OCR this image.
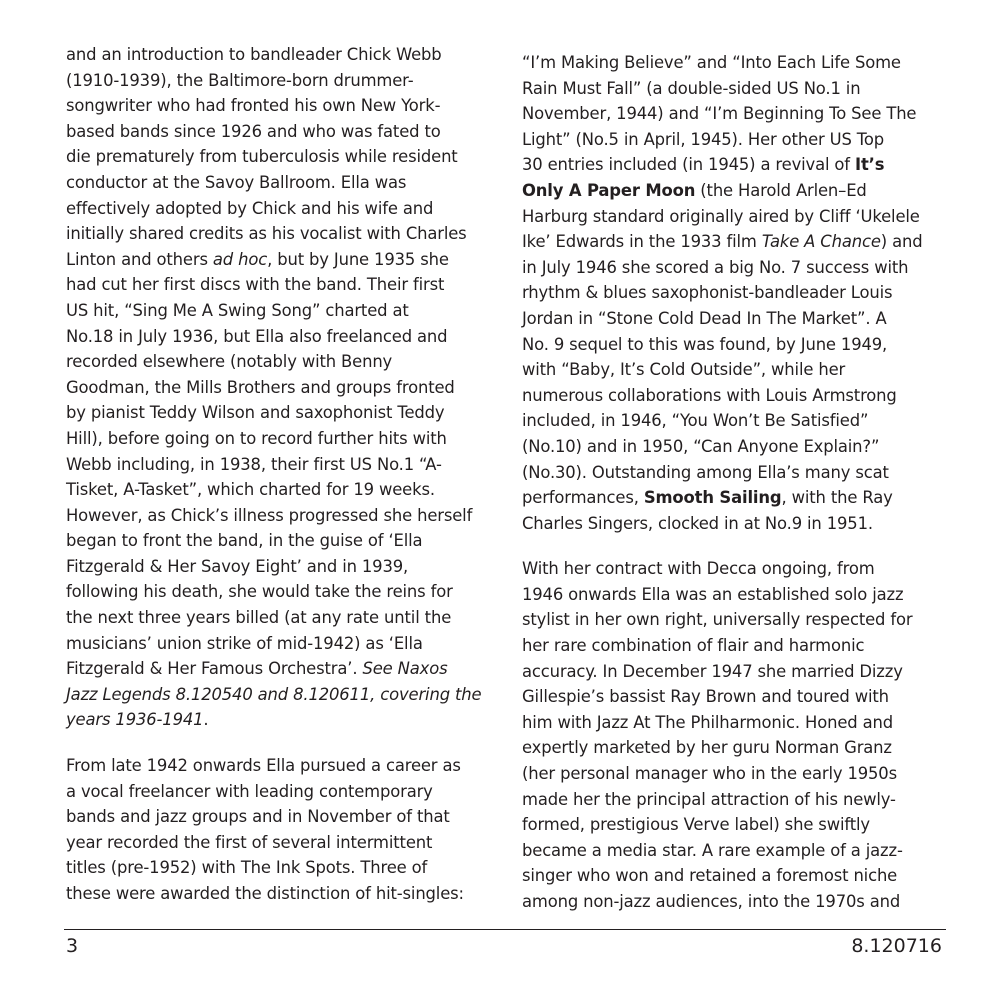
and an introduction to bandleader Chick Webb
(1910-1939), the Baltimore-born drummer-
songwriter who had fronted his own New York-
based bands since 1926 and who was fated to
die prematurely from tuberculosis while resident
conductor at the Savoy Ballroom. Ella was
effectively adopted by Chick and his wife and
initially shared credits as his vocalist with Charles
Linton and others ad hoc, but by June 1935 she
had cut her first discs with the band. Their first
US hit, “Sing Me A Swing Song” charted at
No.18 in July 1936, but Ella also freelanced and
recorded elsewhere (notably with Benny
Goodman, the Mills Brothers and groups fronted
by pianist Teddy Wilson and saxophonist Teddy
Hill), before going on to record further hits with
Webb including, in 1938, their first US No.1 “A-
Tisket, A-Tasket”, which charted for 19 weeks.
However, as Chick’s illness progressed she herself
began to front the band, in the guise of ‘Ella
Fitzgerald & Her Savoy Eight’ and in 1939,
following his death, she would take the reins for
the next three years billed (at any rate until the
musicians’ union strike of mid-1942) as ‘Ella
Fitzgerald & Her Famous Orchestra’. See Naxos
Jazz Legends 8.120540 and 8.120611, covering the
years 1936-1941.

From late 1942 onwards Ella pursued a career as
a vocal freelancer with leading contemporary
bands and jazz groups and in November of that
year recorded the first of several intermittent
titles (pre-1952) with The Ink Spots. Three of
these were awarded the distinction of hit-singles:

“I’m Making Believe” and “Into Each Life Some
Rain Must Fall” (a double-sided US No.1 in
November, 1944) and “I’m Beginning To See The
Light” (No.5 in April, 1945). Her other US Top
30 entries included (in 1945) a revival of It’s
Only A Paper Moon (the Harold Arlen–Ed
Harburg standard originally aired by Cliff ‘Ukelele
Ike’ Edwards in the 1933 film Take A Chance) and
in July 1946 she scored a big No. 7 success with
rhythm & blues saxophonist-bandleader Louis
Jordan in “Stone Cold Dead In The Market”. A
No. 9 sequel to this was found, by June 1949,
with “Baby, It’s Cold Outside”, while her
numerous collaborations with Louis Armstrong
included, in 1946, “You Won’t Be Satisfied”
(No.10) and in 1950, “Can Anyone Explain?”
(No.30). Outstanding among Ella’s many scat
performances, Smooth Sailing, with the Ray
Charles Singers, clocked in at No.9 in 1951.

With her contract with Decca ongoing, from
1946 onwards Ella was an established solo jazz
stylist in her own right, universally respected for
her rare combination of flair and harmonic
accuracy. In December 1947 she married Dizzy
Gillespie’s bassist Ray Brown and toured with
him with Jazz At The Philharmonic. Honed and
expertly marketed by her guru Norman Granz
(her personal manager who in the early 1950s
made her the principal attraction of his newly-
formed, prestigious Verve label) she swiftly
became a media star. A rare example of a jazz-
singer who won and retained a foremost niche
among non-jazz audiences, into the 1970s and

3	8.120716
